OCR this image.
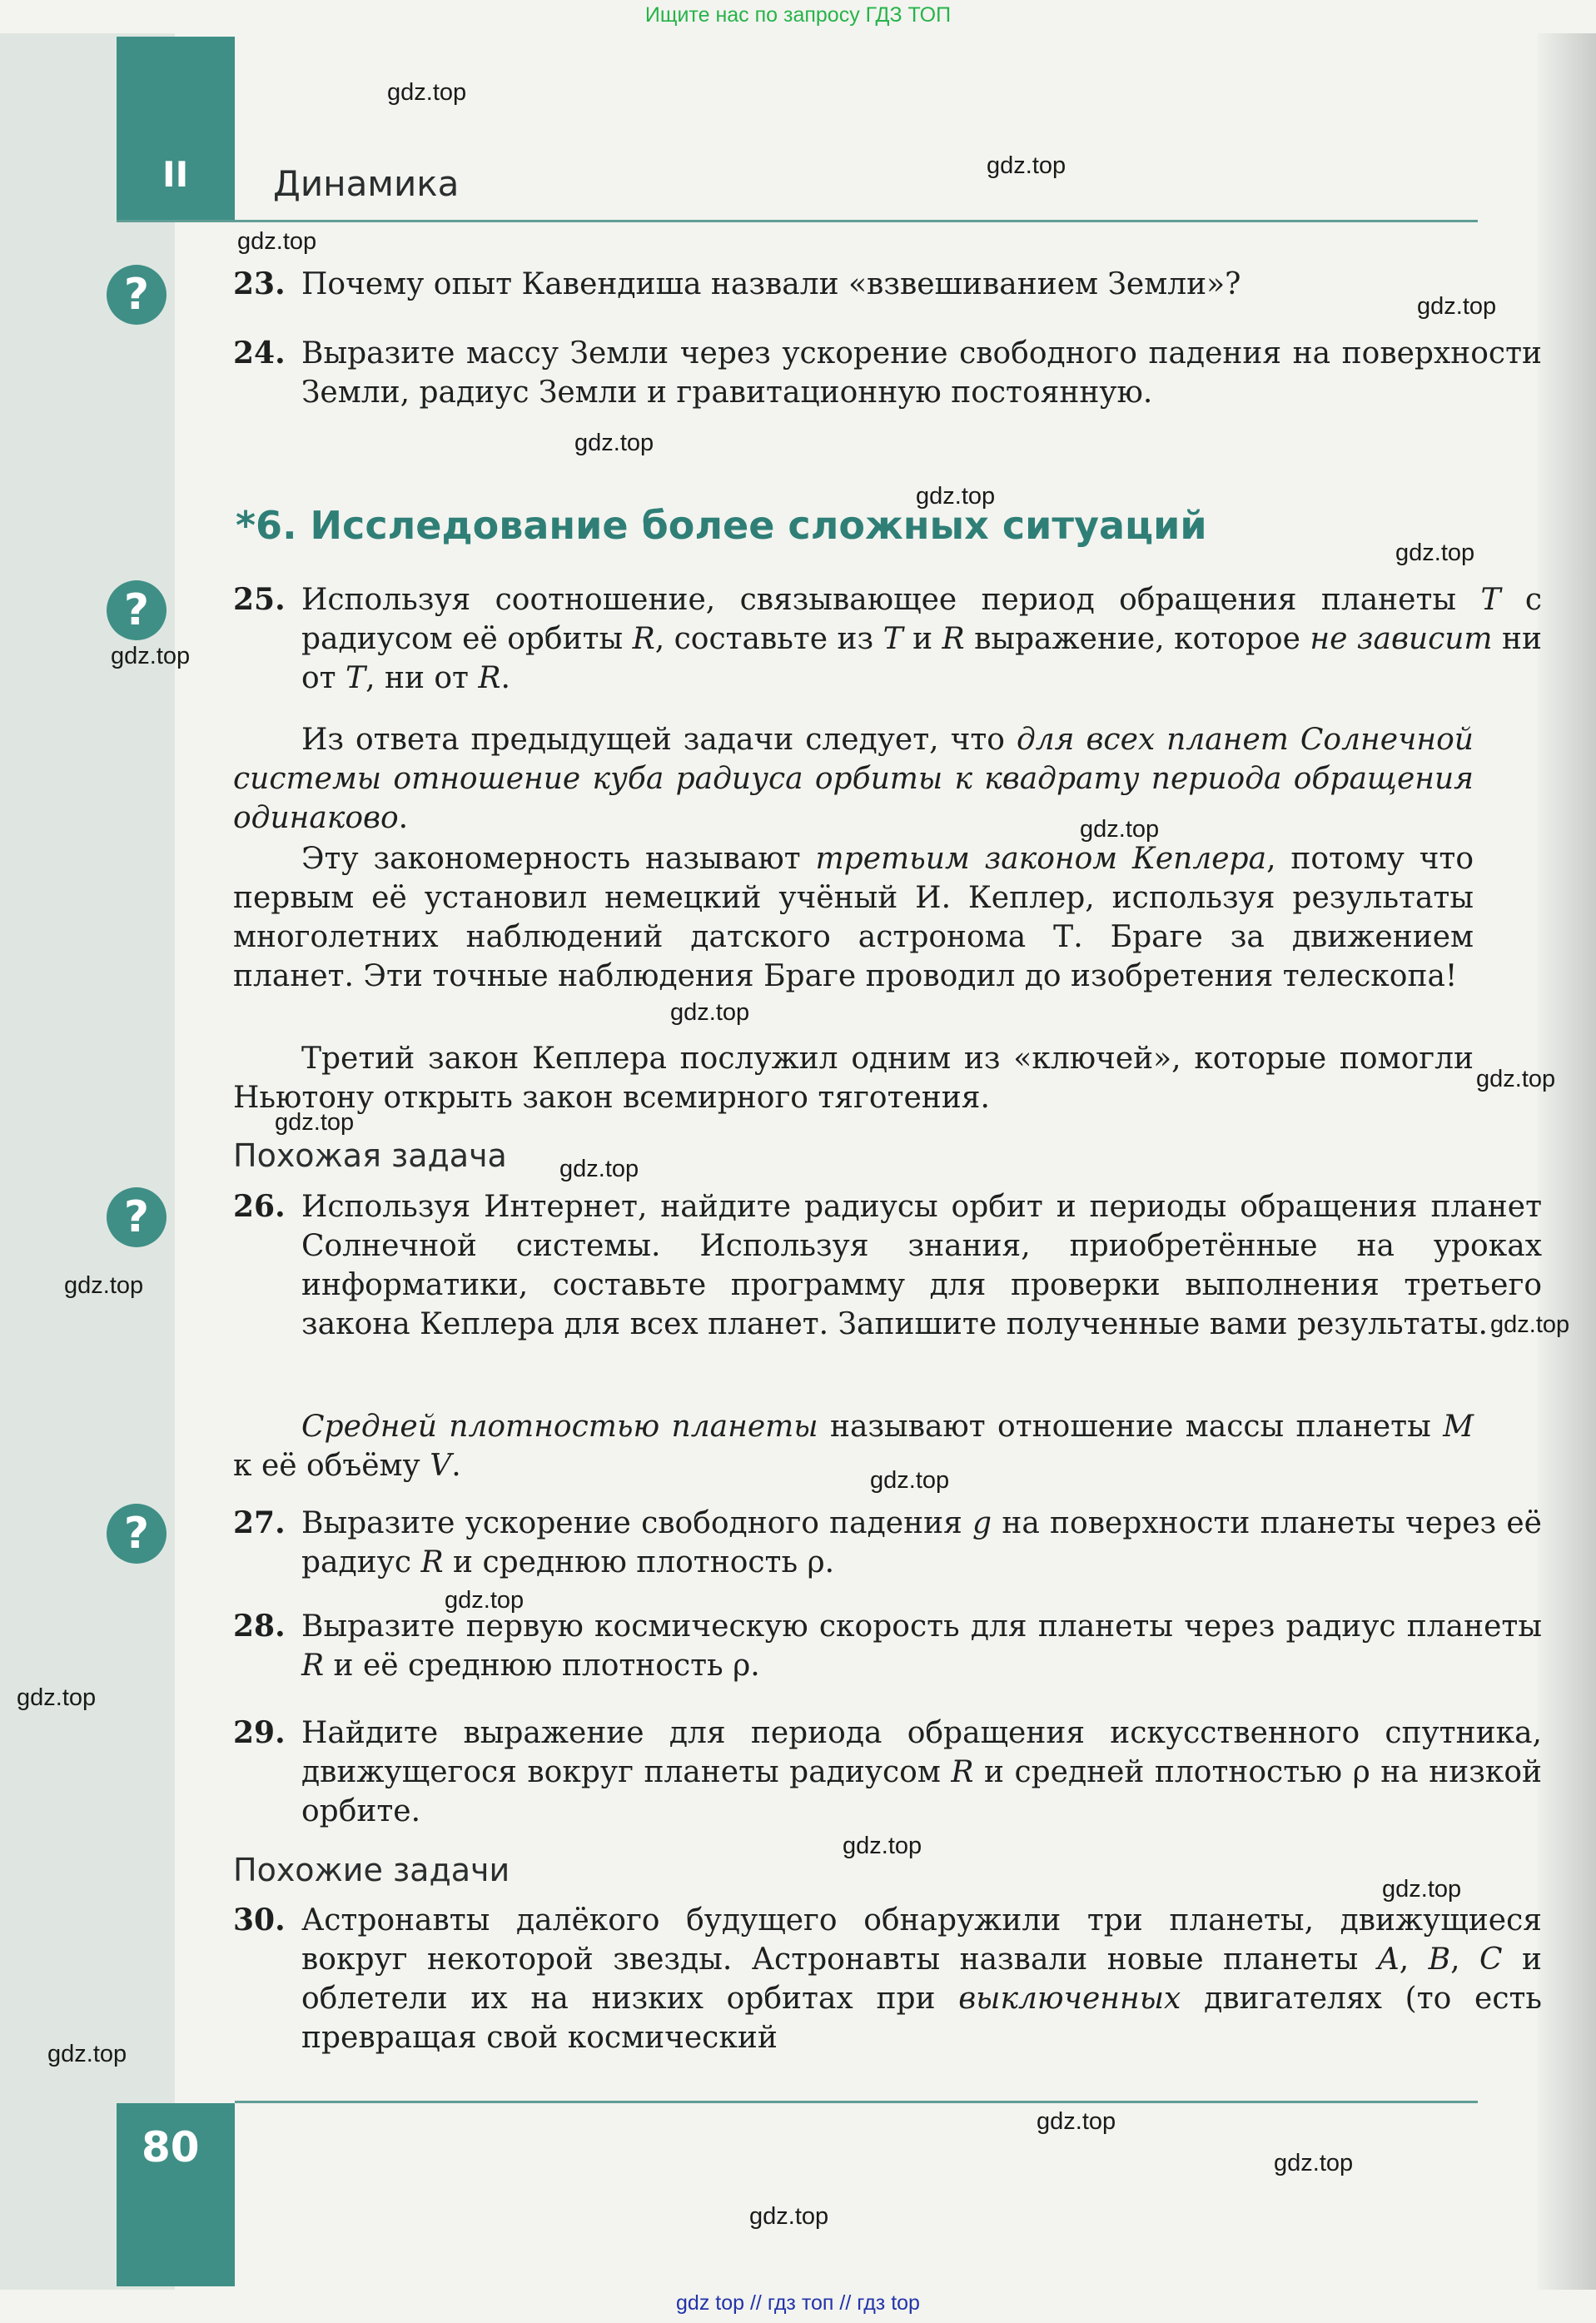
Ищите нас по запросу ГДЗ ТОП
II Динамика
?
?
?
?
23. Почему опыт Кавендиша назвали «взвешиванием Земли»?
24. Выразите массу Земли через ускорение свободного падения на поверхности Земли, радиус Земли и гравитационную постоянную.
*6. Исследование более сложных ситуаций
25. Используя соотношение, связывающее период обращения планеты T с радиусом её орбиты R, составьте из T и R выражение, которое не зависит ни от T, ни от R.
Из ответа предыдущей задачи следует, что для всех планет Солнечной системы отношение куба радиуса орбиты к квадрату периода обращения одинаково.
Эту закономерность называют третьим законом Кеплера, потому что первым её установил немецкий учёный И. Кеплер, используя результаты многолетних наблюдений датского астронома Т. Браге за движением планет. Эти точные наблюдения Браге проводил до изобретения телескопа!
Третий закон Кеплера послужил одним из «ключей», которые помогли Ньютону открыть закон всемирного тяготения.
Похожая задача
26. Используя Интернет, найдите радиусы орбит и периоды обращения планет Солнечной системы. Используя знания, приобретённые на уроках информатики, составьте программу для проверки выполнения третьего закона Кеплера для всех планет. Запишите полученные вами результаты.
Средней плотностью планеты называют отношение массы планеты M к её объёму V.
27. Выразите ускорение свободного падения g на поверхности планеты через её радиус R и среднюю плотность ρ.
28. Выразите первую космическую скорость для планеты через радиус планеты R и её среднюю плотность ρ.
29. Найдите выражение для периода обращения искусственного спутника, движущегося вокруг планеты радиусом R и средней плотностью ρ на низкой орбите.
Похожие задачи
30. Астронавты далёкого будущего обнаружили три планеты, движущиеся вокруг некоторой звезды. Астронавты назвали новые планеты A, B, C и облетели их на низких орбитах при выключенных двигателях (то есть превращая свой космический
80
gdz.top
gdz.top
gdz.top
gdz.top
gdz.top
gdz.top
gdz.top
gdz.top
gdz.top
gdz.top
gdz.top
gdz.top
gdz.top
gdz.top
gdz.top
gdz.top
gdz.top
gdz.top
gdz.top
gdz.top
gdz.top
gdz.top
gdz.top
gdz.top
gdz top // гдз топ // гдз top
